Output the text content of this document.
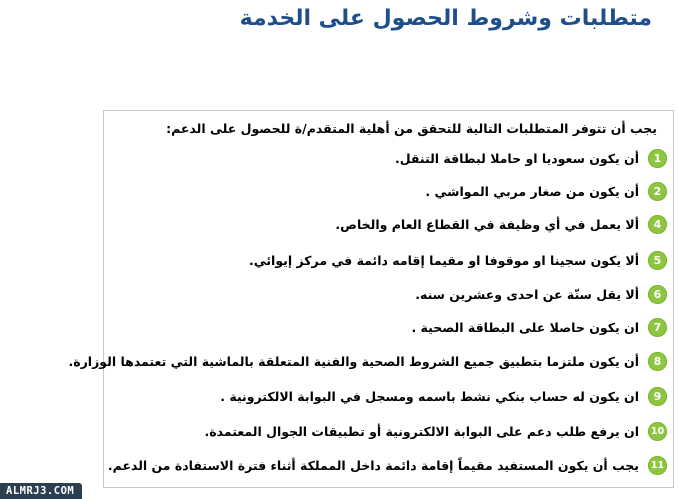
متطلبات وشروط الحصول على الخدمة
يجب أن تتوفر المتطلبات التالية للتحقق من أهلية المتقدم/ة للحصول على الدعم:
1
أن يكون سعوديا او حاملا لبطاقة التنقل.
2
أن يكون من صغار مربي المواشي .
4
ألا يعمل في أي وظيفة في القطاع العام والخاص.
5
ألا يكون سجينا او موقوفا او مقيما إقامه دائمة في مركز إيوائي.
6
ألا يقل سنّة عن احدى وعشرين سنه.
7
ان يكون حاصلا على البطاقة الصحية .
8
أن يكون ملتزما بتطبيق جميع الشروط الصحية والفنية المتعلقة بالماشية التي تعتمدها الوزارة.
9
ان يكون له حساب بنكي نشط باسمه ومسجل في البوابة الالكترونية .
10
ان يرفع طلب دعم على البوابة الالكترونية أو تطبيقات الجوال المعتمدة.
11
يجب أن يكون المستفيد مقيماً إقامة دائمة داخل المملكة أثناء فترة الاستفادة من الدعم.
ALMRJ3.COM
